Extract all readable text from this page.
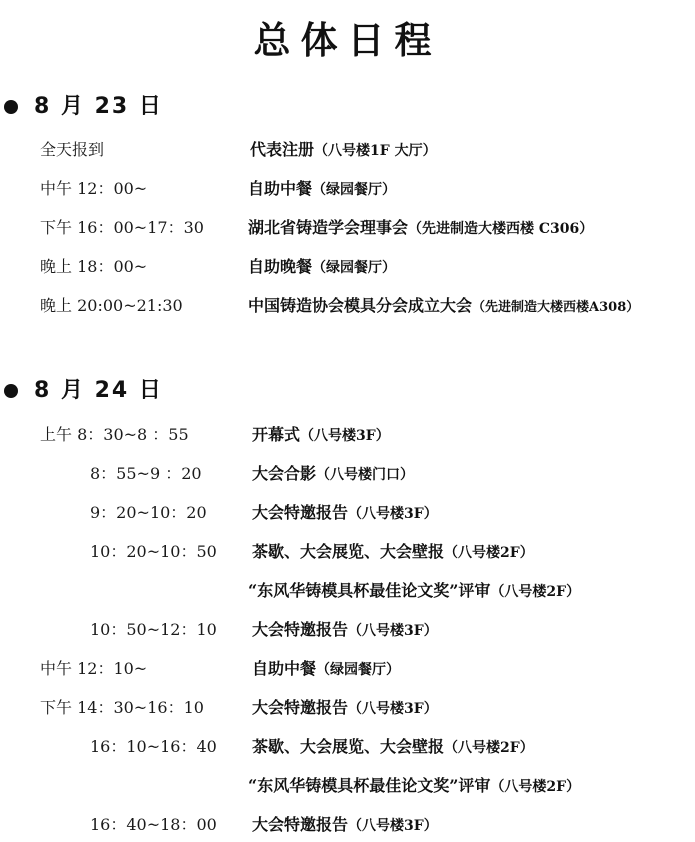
总体日程
8 月 23 日
全天报到	代表注册（八号楼1F 大厅）
中午 12：00~	自助中餐（绿园餐厅）
下午 16：00~17：30	湖北省铸造学会理事会（先进制造大楼西楼 C306）
晚上 18：00~	自助晚餐（绿园餐厅）
晚上 20:00~21:30	中国铸造协会模具分会成立大会（先进制造大楼西楼A308）
8 月 24 日
上午 8：30~8 ：55	开幕式（八号楼3F）
8：55~9 ：20	大会合影（八号楼门口）
9：20~10：20	大会特邀报告（八号楼3F）
10：20~10：50 茶歇、大会展览、大会壁报（八号楼2F）
“东风华铸模具杯最佳论文奖”评审（八号楼2F）
10：50~12：10 大会特邀报告（八号楼3F）
中午 12：10~	自助中餐（绿园餐厅）
下午 14：30~16：10	大会特邀报告（八号楼3F）
16：10~16：40 茶歇、大会展览、大会壁报（八号楼2F）
“东风华铸模具杯最佳论文奖”评审（八号楼2F）
16：40~18：00 大会特邀报告（八号楼3F）
